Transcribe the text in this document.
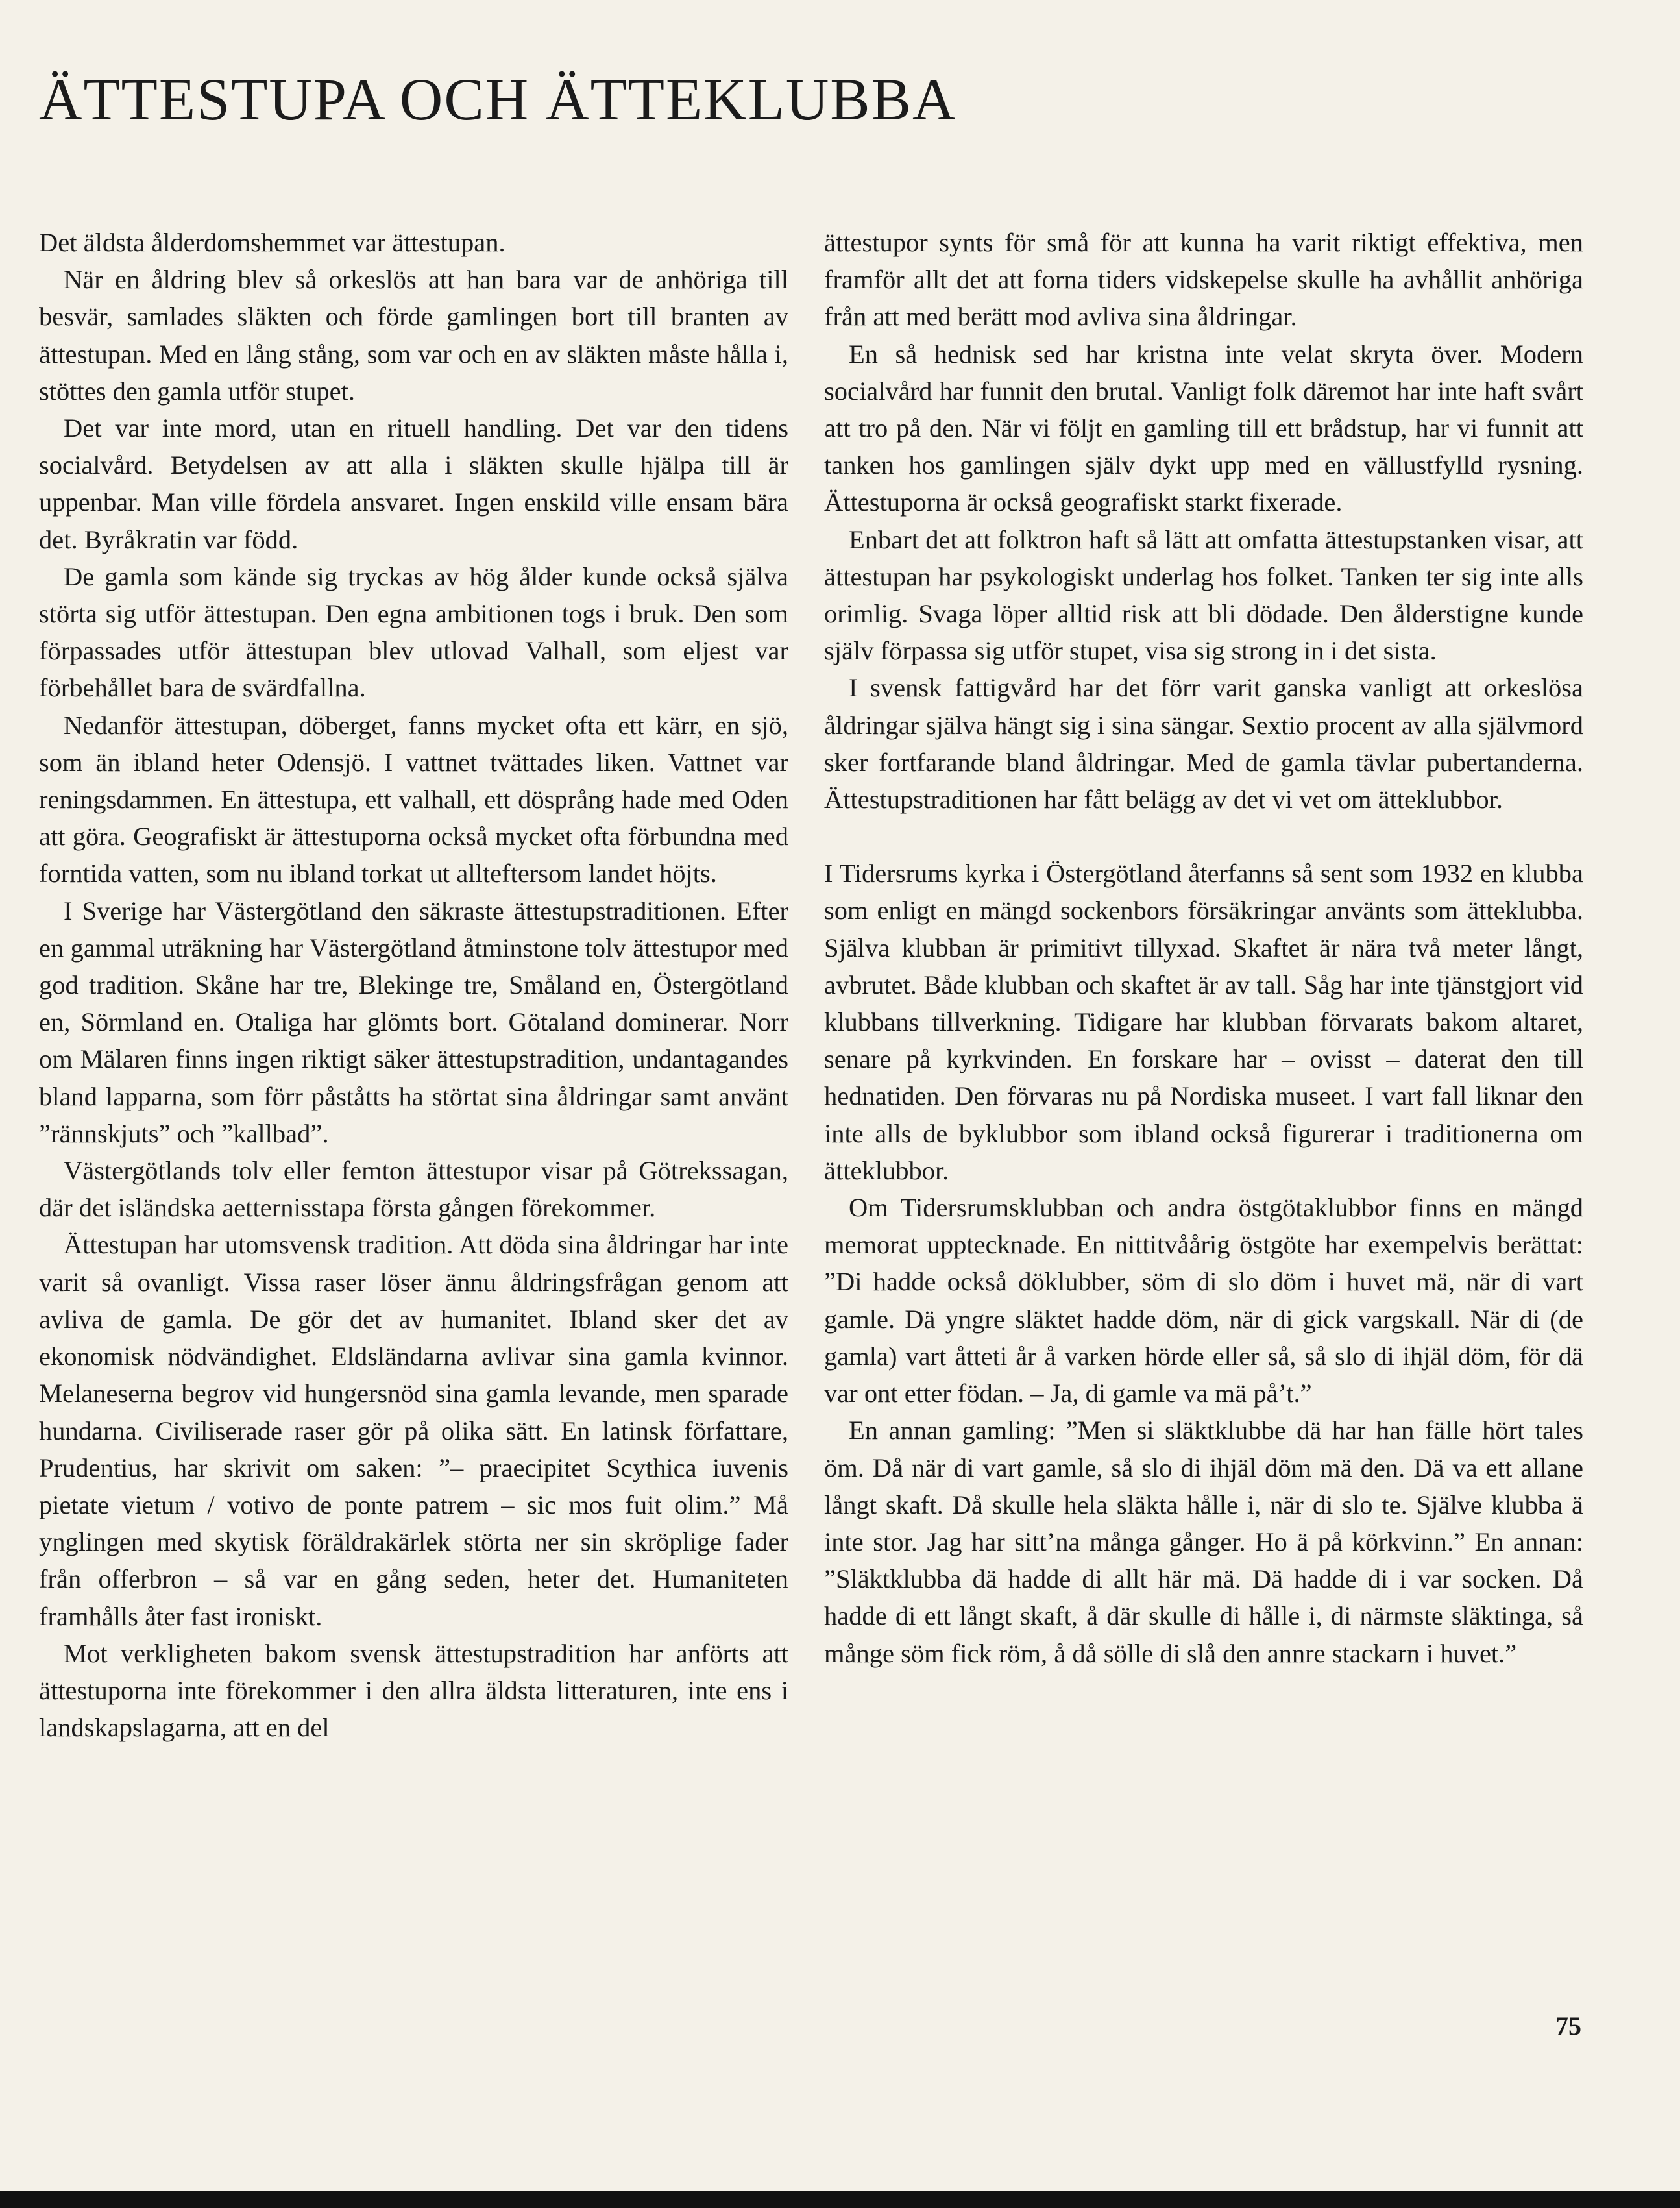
ÄTTESTUPA OCH ÄTTEKLUBBA

Det äldsta ålderdomshemmet var ättestupan.

När en åldring blev så orkeslös att han bara var de anhöriga till besvär, samlades släkten och förde gamlingen bort till branten av ättestupan. Med en lång stång, som var och en av släkten måste hålla i, stöttes den gamla utför stupet.

Det var inte mord, utan en rituell handling. Det var den tidens socialvård. Betydelsen av att alla i släkten skulle hjälpa till är uppenbar. Man ville fördela ansvaret. Ingen enskild ville ensam bära det. Byråkratin var född.

De gamla som kände sig tryckas av hög ålder kunde också själva störta sig utför ättestupan. Den egna ambitionen togs i bruk. Den som förpassades utför ättestupan blev utlovad Valhall, som eljest var förbehållet bara de svärdfallna.

Nedanför ättestupan, döberget, fanns mycket ofta ett kärr, en sjö, som än ibland heter Odensjö. I vattnet tvättades liken. Vattnet var reningsdammen. En ättestupa, ett valhall, ett dösprång hade med Oden att göra. Geografiskt är ättestuporna också mycket ofta förbundna med forntida vatten, som nu ibland torkat ut allteftersom landet höjts.

I Sverige har Västergötland den säkraste ättestupstraditionen. Efter en gammal uträkning har Västergötland åtminstone tolv ättestupor med god tradition. Skåne har tre, Blekinge tre, Småland en, Östergötland en, Sörmland en. Otaliga har glömts bort. Götaland dominerar. Norr om Mälaren finns ingen riktigt säker ättestupstradition, undantagandes bland lapparna, som förr påståtts ha störtat sina åldringar samt använt ”rännskjuts” och ”kallbad”.

Västergötlands tolv eller femton ättestupor visar på Götrekssagan, där det isländska aetternisstapa första gången förekommer.

Ättestupan har utomsvensk tradition. Att döda sina åldringar har inte varit så ovanligt. Vissa raser löser ännu åldringsfrågan genom att avliva de gamla. De gör det av humanitet. Ibland sker det av ekonomisk nödvändighet. Eldsländarna avlivar sina gamla kvinnor. Melaneserna begrov vid hungersnöd sina gamla levande, men sparade hundarna. Civiliserade raser gör på olika sätt. En latinsk författare, Prudentius, har skrivit om saken: ”– praecipitet Scythica iuvenis pietate vietum / votivo de ponte patrem – sic mos fuit olim.” Må ynglingen med skytisk föräldrakärlek störta ner sin skröplige fader från offerbron – så var en gång seden, heter det. Humaniteten framhålls åter fast ironiskt.

Mot verkligheten bakom svensk ättestupstradition har anförts att ättestuporna inte förekommer i den allra äldsta litteraturen, inte ens i landskapslagarna, att en del

ättestupor synts för små för att kunna ha varit riktigt effektiva, men framför allt det att forna tiders vidskepelse skulle ha avhållit anhöriga från att med berätt mod avliva sina åldringar.

En så hednisk sed har kristna inte velat skryta över. Modern socialvård har funnit den brutal. Vanligt folk däremot har inte haft svårt att tro på den. När vi följt en gamling till ett brådstup, har vi funnit att tanken hos gamlingen själv dykt upp med en vällustfylld rysning. Ättestuporna är också geografiskt starkt fixerade.

Enbart det att folktron haft så lätt att omfatta ättestupstanken visar, att ättestupan har psykologiskt underlag hos folket. Tanken ter sig inte alls orimlig. Svaga löper alltid risk att bli dödade. Den ålderstigne kunde själv förpassa sig utför stupet, visa sig strong in i det sista.

I svensk fattigvård har det förr varit ganska vanligt att orkeslösa åldringar själva hängt sig i sina sängar. Sextio procent av alla självmord sker fortfarande bland åldringar. Med de gamla tävlar pubertanderna. Ättestupstraditionen har fått belägg av det vi vet om ätteklubbor.

I Tidersrums kyrka i Östergötland återfanns så sent som 1932 en klubba som enligt en mängd sockenbors försäkringar använts som ätteklubba. Själva klubban är primitivt tillyxad. Skaftet är nära två meter långt, avbrutet. Både klubban och skaftet är av tall. Såg har inte tjänstgjort vid klubbans tillverkning. Tidigare har klubban förvarats bakom altaret, senare på kyrkvinden. En forskare har – ovisst – daterat den till hednatiden. Den förvaras nu på Nordiska museet. I vart fall liknar den inte alls de byklubbor som ibland också figurerar i traditionerna om ätteklubbor.

Om Tidersrumsklubban och andra östgötaklubbor finns en mängd memorat upptecknade. En nittitvåårig östgöte har exempelvis berättat: ”Di hadde också döklubber, söm di slo döm i huvet mä, när di vart gamle. Dä yngre släktet hadde döm, när di gick vargskall. När di (de gamla) vart åtteti år å varken hörde eller så, så slo di ihjäl döm, för dä var ont etter födan. – Ja, di gamle va mä på’t.”

En annan gamling: ”Men si släktklubbe dä har han fälle hört tales öm. Då när di vart gamle, så slo di ihjäl döm mä den. Dä va ett allane långt skaft. Då skulle hela släkta hålle i, när di slo te. Själve klubba ä inte stor. Jag har sitt’na många gånger. Ho ä på körkvinn.” En annan: ”Släktklubba dä hadde di allt här mä. Dä hadde di i var socken. Då hadde di ett långt skaft, å där skulle di hålle i, di närmste släktinga, så månge söm fick röm, å då sölle di slå den annre stackarn i huvet.”

75
